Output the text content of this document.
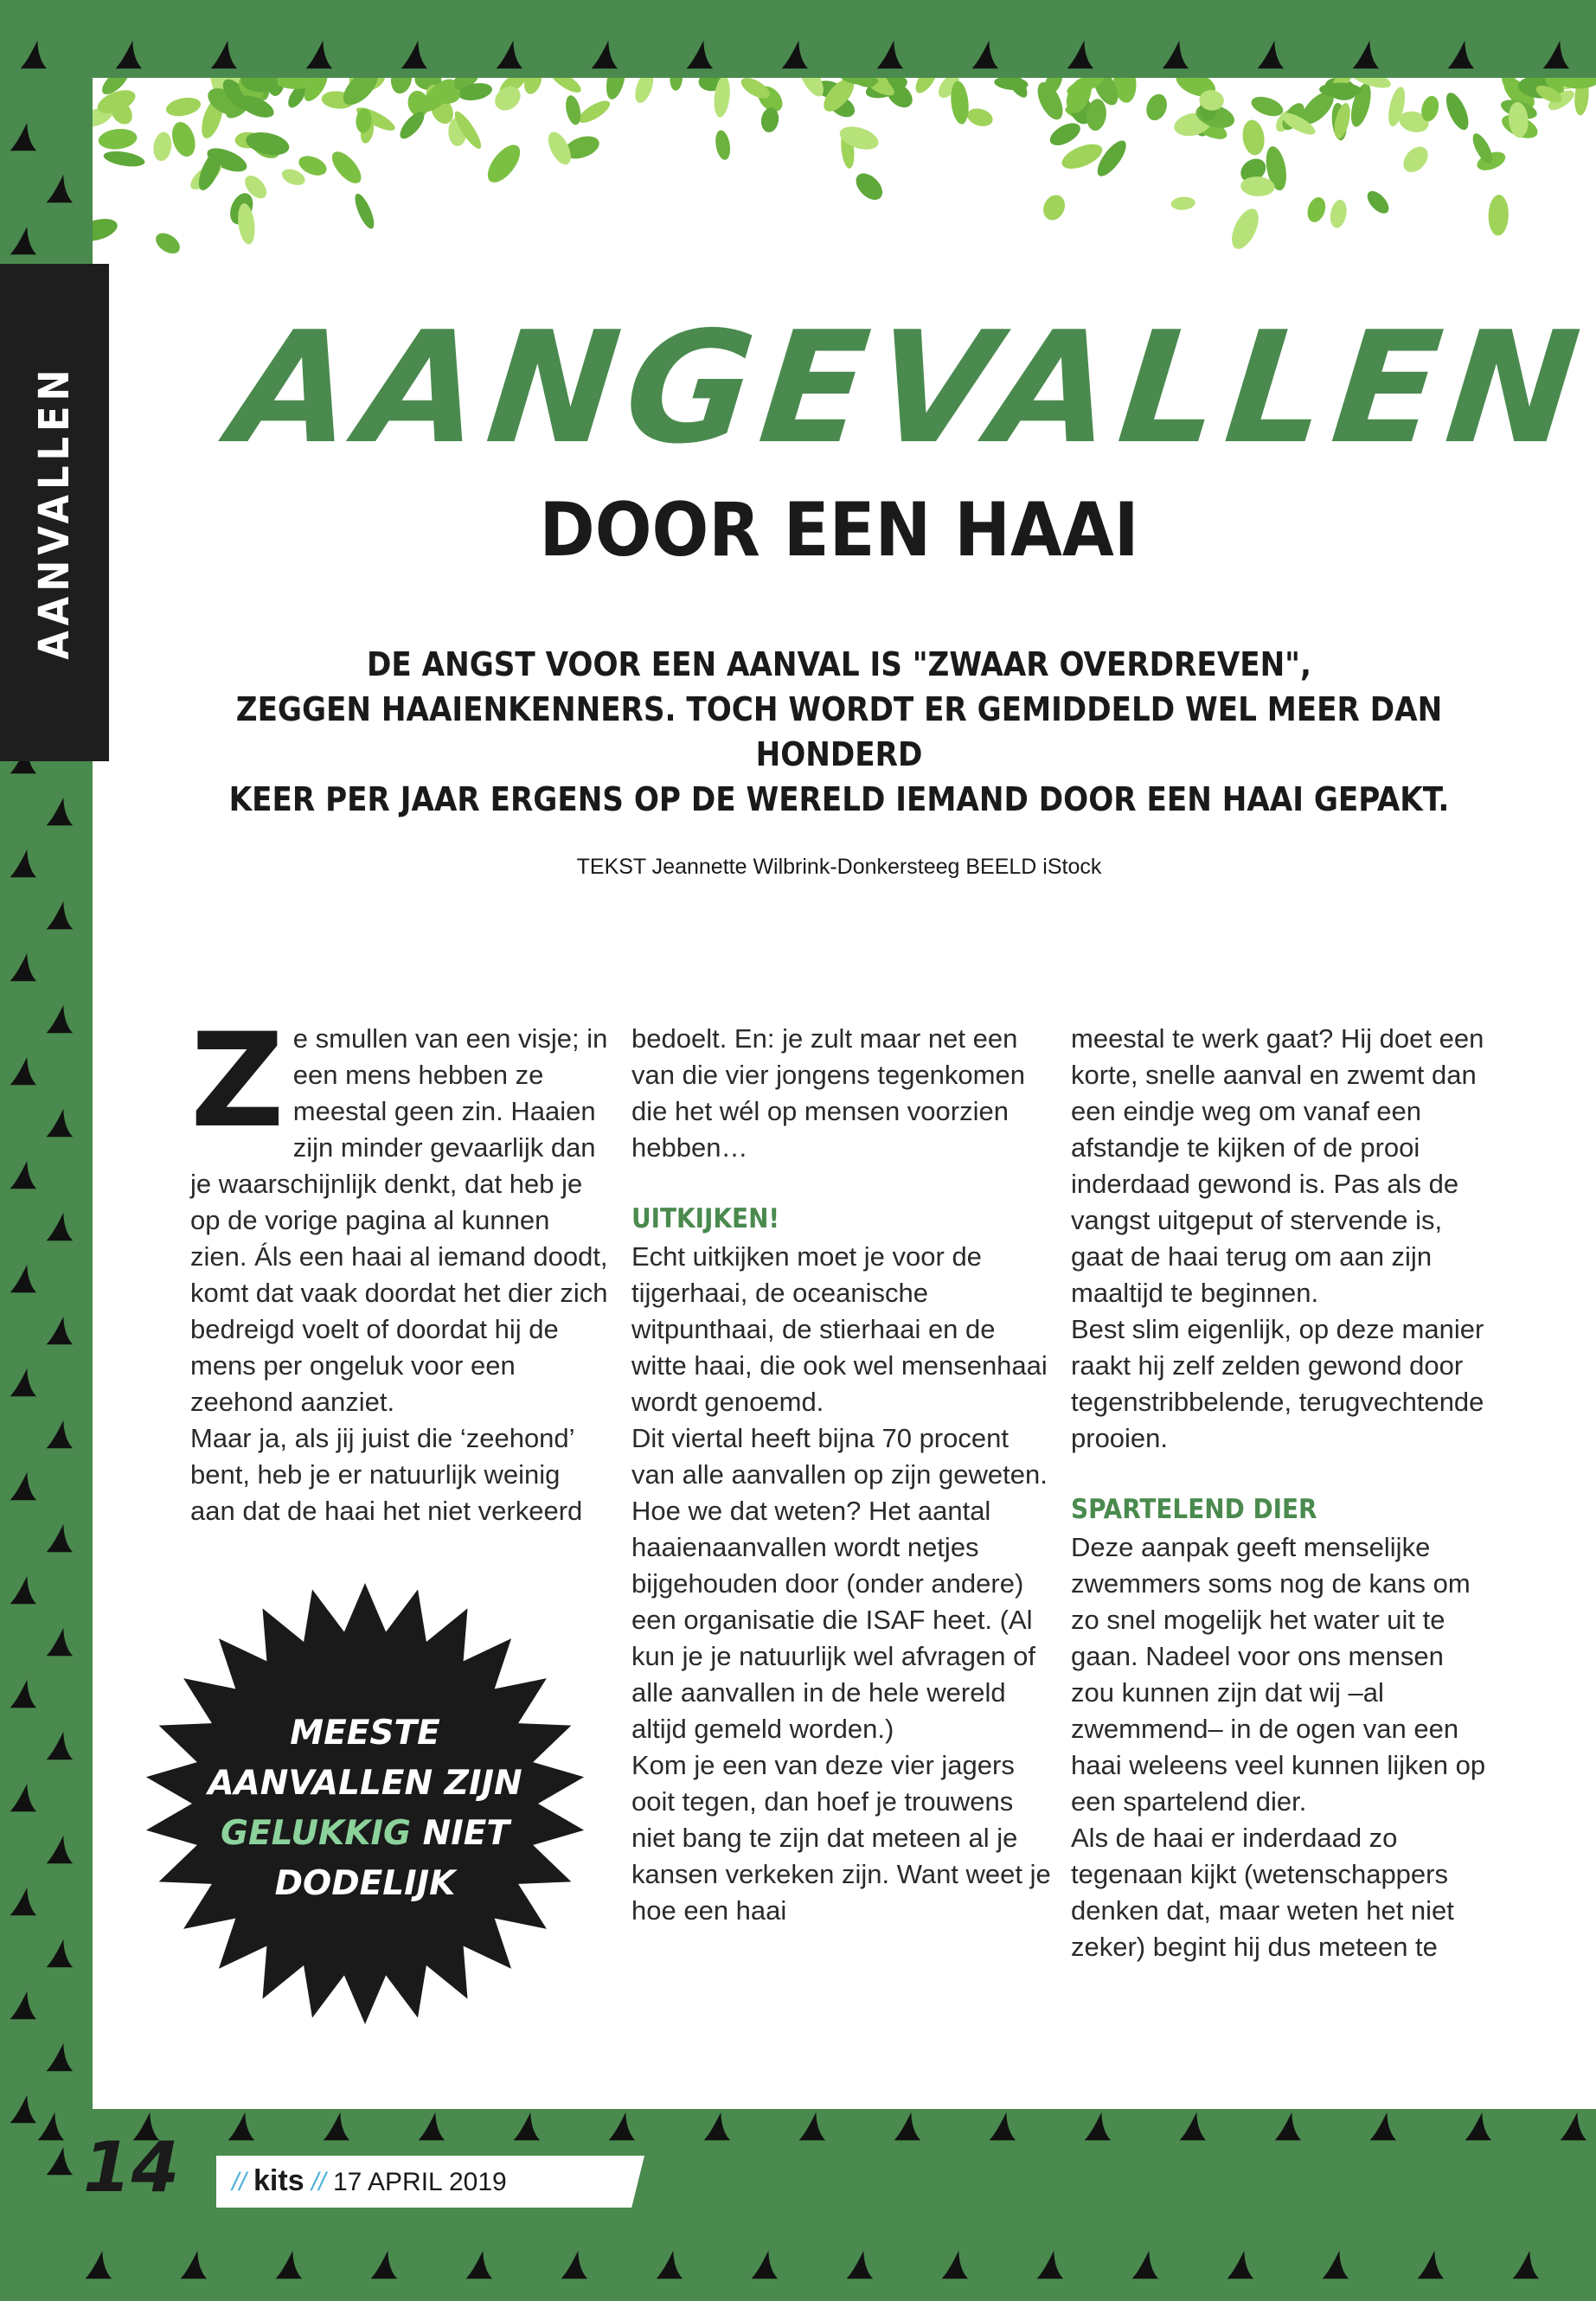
AANVALLEN AANGEVALLEN
DOOR EEN HAAI
DE ANGST VOOR EEN AANVAL IS "ZWAAR OVERDREVEN",
ZEGGEN HAAIENKENNERS. TOCH WORDT ER GEMIDDELD WEL MEER DAN HONDERD
KEER PER JAAR ERGENS OP DE WERELD IEMAND DOOR EEN HAAI GEPAKT.
TEKST Jeannette Wilbrink-Donkersteeg BEELD iStock
Z e smullen van een visje; in een mens hebben ze meestal geen zin. Haaien zijn minder gevaarlijk dan je waarschijnlijk denkt, dat heb je op de vorige pagina al kunnen zien. Áls een haai al iemand doodt, komt dat vaak doordat het dier zich bedreigd voelt of doordat hij de mens per ongeluk voor een zeehond aanziet.

Maar ja, als jij juist die ‘zeehond’ bent, heb je er natuurlijk weinig aan dat de haai het niet verkeerd

bedoelt. En: je zult maar net een van die vier jongens tegenkomen die het wél op mensen voorzien hebben…

UITKIJKEN!

Echt uitkijken moet je voor de tijgerhaai, de oceanische witpunthaai, de stierhaai en de witte haai, die ook wel mensenhaai wordt genoemd.

Dit viertal heeft bijna 70 procent van alle aanvallen op zijn geweten.

Hoe we dat weten? Het aantal haaienaanvallen wordt netjes bijgehouden door (onder andere) een organisatie die ISAF heet. (Al kun je je natuurlijk wel afvragen of alle aanvallen in de hele wereld altijd gemeld worden.)

Kom je een van deze vier jagers ooit tegen, dan hoef je trouwens niet bang te zijn dat meteen al je kansen verkeken zijn. Want weet je hoe een haai

meestal te werk gaat? Hij doet een korte, snelle aanval en zwemt dan een eindje weg om vanaf een afstandje te kijken of de prooi inderdaad gewond is. Pas als de vangst uitgeput of stervende is, gaat de haai terug om aan zijn maaltijd te beginnen.

Best slim eigenlijk, op deze manier raakt hij zelf zelden gewond door tegenstribbelende, terugvechtende prooien.

SPARTELEND DIER

Deze aanpak geeft menselijke zwemmers soms nog de kans om zo snel mogelijk het water uit te gaan. Nadeel voor ons mensen zou kunnen zijn dat wij –al zwemmend– in de ogen van een haai weleens veel kunnen lijken op een spartelend dier.

Als de haai er inderdaad zo tegenaan kijkt (wetenschappers denken dat, maar weten het niet zeker) begint hij dus meteen te

MEESTE
AANVALLEN ZIJN
GELUKKIG NIET
DODELIJK
14 // kits // 17 APRIL 2019
